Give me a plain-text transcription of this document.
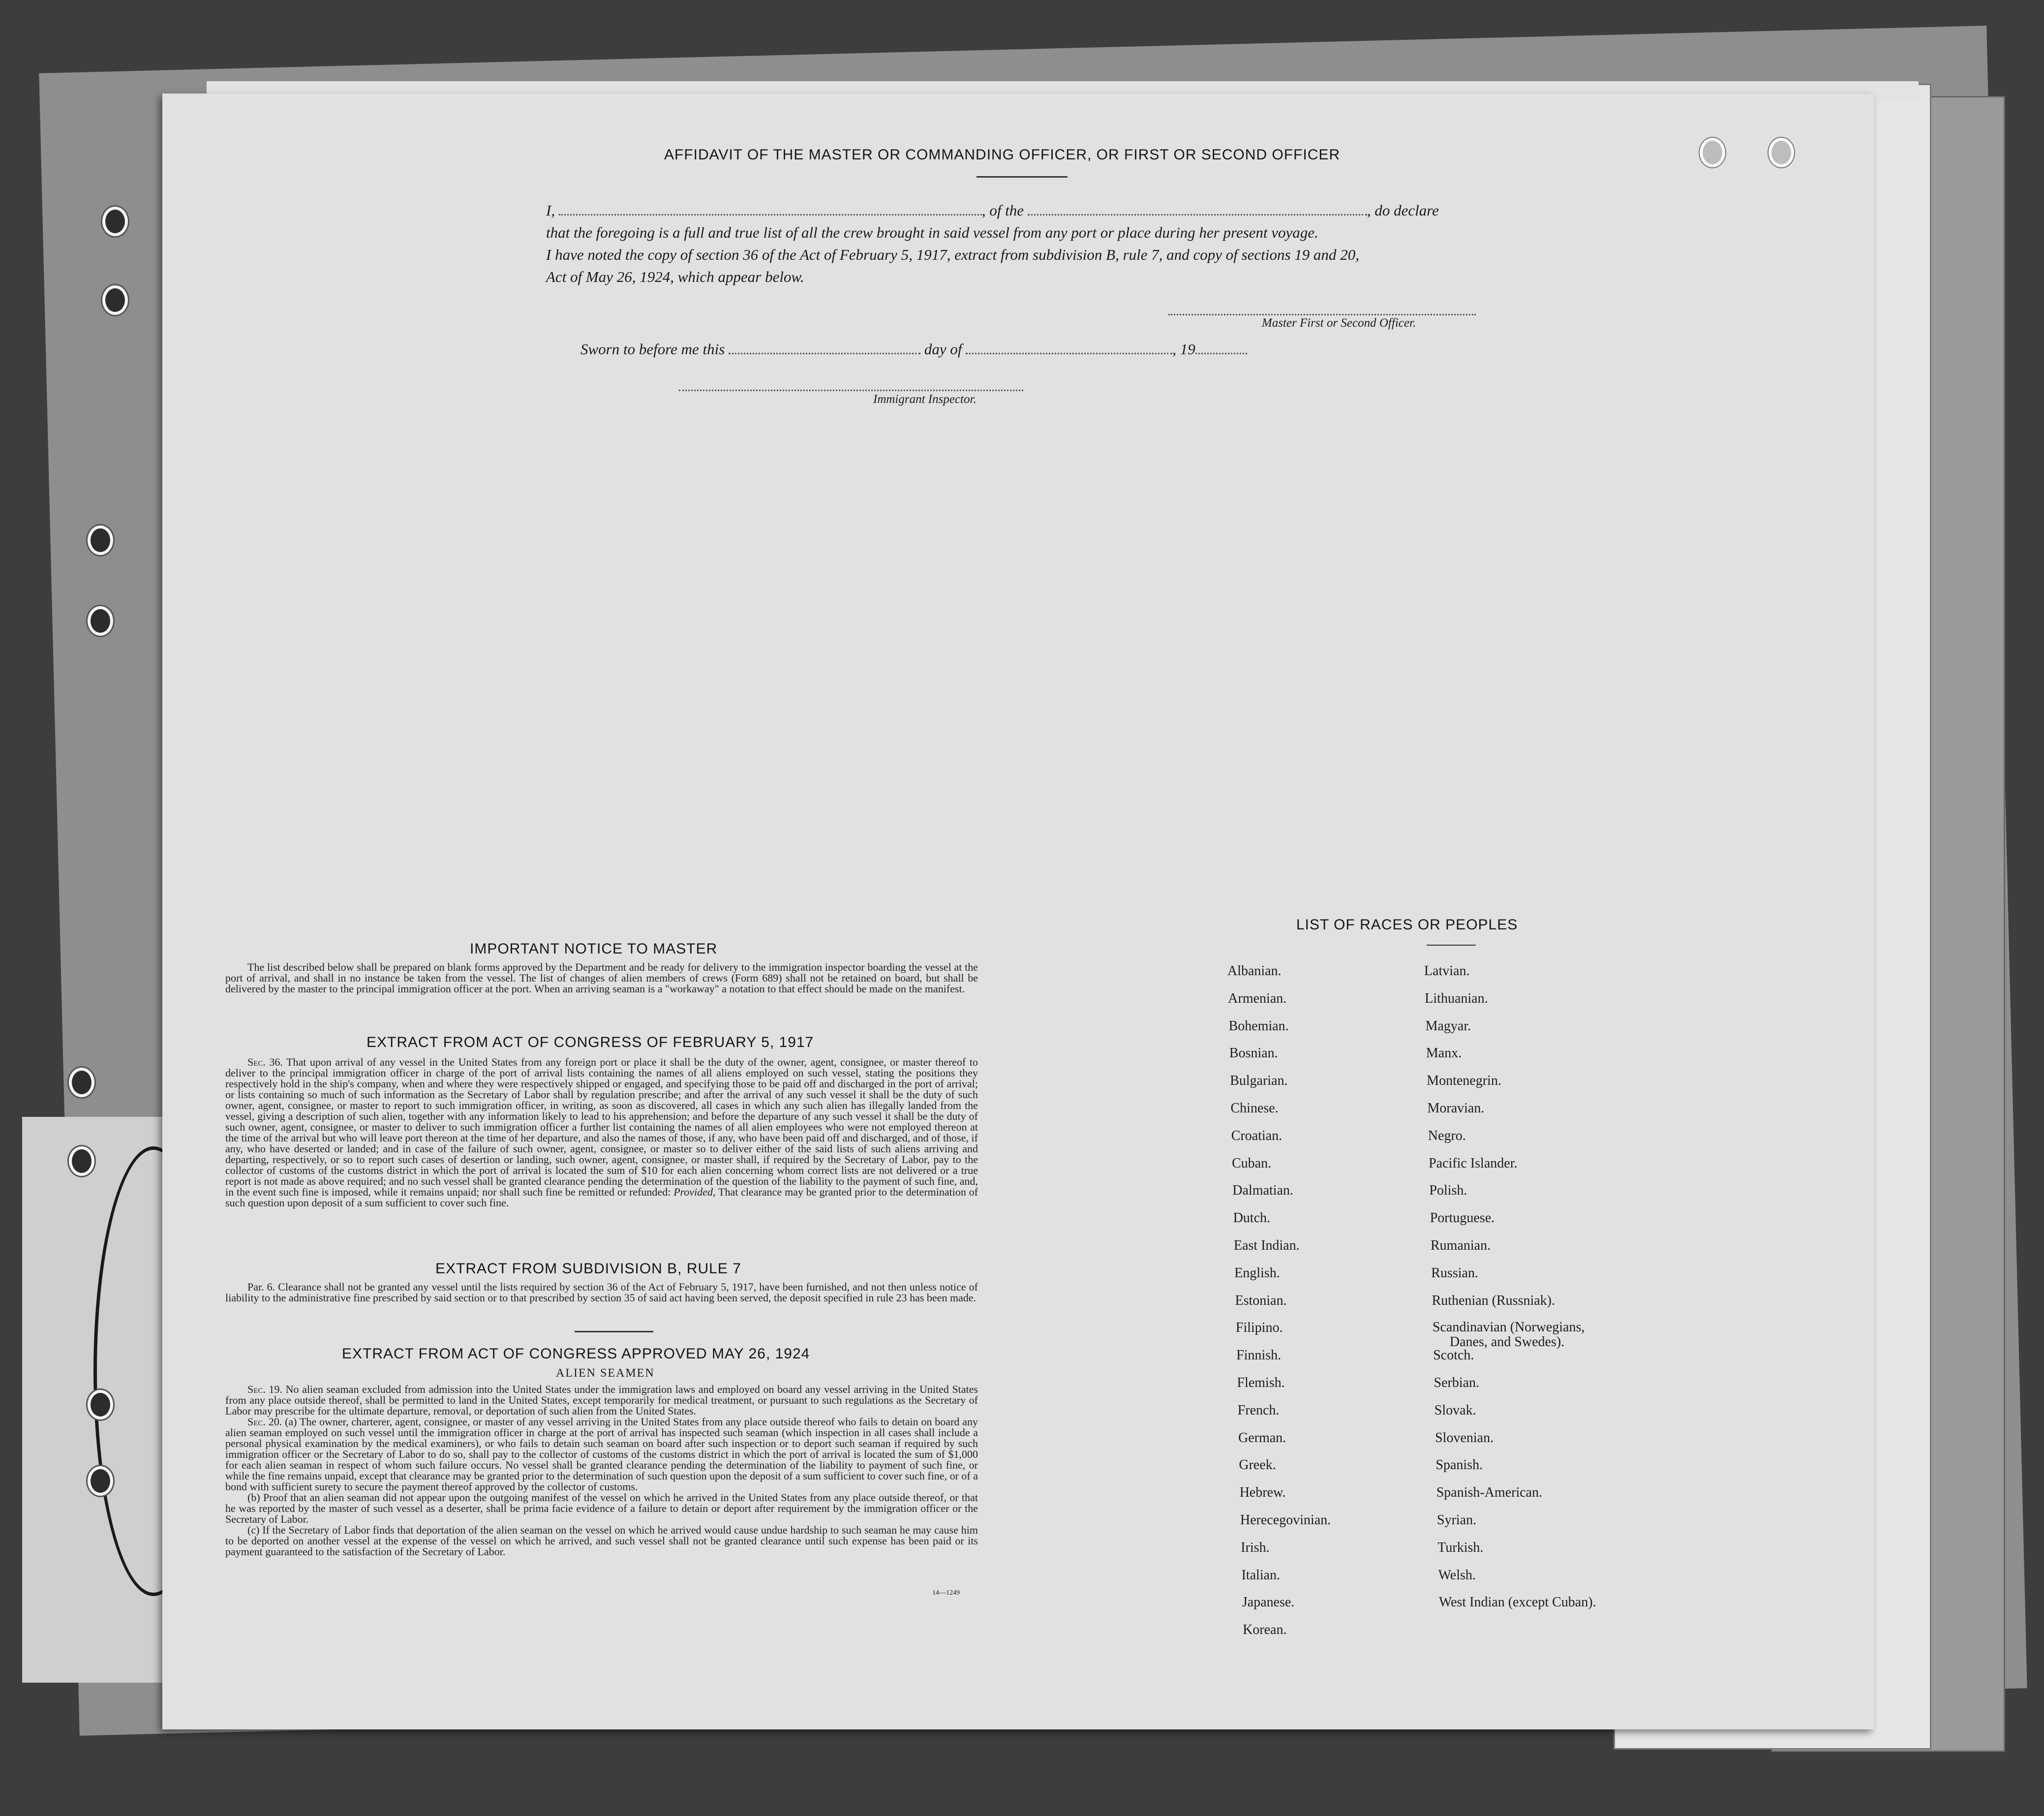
AFFIDAVIT OF THE MASTER OR COMMANDING OFFICER, OR FIRST OR SECOND OFFICER

I,	, of the	, do declare

that the foregoing is a full and true list of all the crew brought in said vessel from any port or place during her present voyage.

I have noted the copy of section 36 of the Act of February 5, 1917, extract from subdivision B, rule 7, and copy of sections 19 and 20,

Act of May 26, 1924, which appear below.

Master First or Second Officer.
Sworn to before me this	day of	, 19
Immigrant Inspector.
IMPORTANT NOTICE TO MASTER

The list described below shall be prepared on blank forms approved by the Department and be ready for delivery to the immigration inspector boarding the vessel at the port of arrival, and shall in no instance be taken from the vessel. The list of changes of alien members of crews (Form 689) shall not be retained on board, but shall be delivered by the master to the principal immigration officer at the port. When an arriving seaman is a "workaway" a notation to that effect should be made on the manifest.

EXTRACT FROM ACT OF CONGRESS OF FEBRUARY 5, 1917

Sec. 36. That upon arrival of any vessel in the United States from any foreign port or place it shall be the duty of the owner, agent, consignee, or master thereof to deliver to the principal immigration officer in charge of the port of arrival lists containing the names of all aliens employed on such vessel, stating the positions they respectively hold in the ship's company, when and where they were respectively shipped or engaged, and specifying those to be paid off and discharged in the port of arrival; or lists containing so much of such information as the Secretary of Labor shall by regulation prescribe; and after the arrival of any such vessel it shall be the duty of such owner, agent, consignee, or master to report to such immigration officer, in writing, as soon as discovered, all cases in which any such alien has illegally landed from the vessel, giving a description of such alien, together with any information likely to lead to his apprehension; and before the departure of any such vessel it shall be the duty of such owner, agent, consignee, or master to deliver to such immigration officer a further list containing the names of all alien employees who were not employed thereon at the time of the arrival but who will leave port thereon at the time of her departure, and also the names of those, if any, who have been paid off and discharged, and of those, if any, who have deserted or landed; and in case of the failure of such owner, agent, consignee, or master so to deliver either of the said lists of such aliens arriving and departing, respectively, or so to report such cases of desertion or landing, such owner, agent, consignee, or master shall, if required by the Secretary of Labor, pay to the collector of customs of the customs district in which the port of arrival is located the sum of $10 for each alien concerning whom correct lists are not delivered or a true report is not made as above required; and no such vessel shall be granted clearance pending the determination of the question of the liability to the payment of such fine, and, in the event such fine is imposed, while it remains unpaid; nor shall such fine be remitted or refunded: Provided, That clearance may be granted prior to the determination of such question upon deposit of a sum sufficient to cover such fine.

EXTRACT FROM SUBDIVISION B, RULE 7

Par. 6. Clearance shall not be granted any vessel until the lists required by section 36 of the Act of February 5, 1917, have been furnished, and not then unless notice of liability to the administrative fine prescribed by said section or to that prescribed by section 35 of said act having been served, the deposit specified in rule 23 has been made.

EXTRACT FROM ACT OF CONGRESS APPROVED MAY 26, 1924
ALIEN SEAMEN

Sec. 19. No alien seaman excluded from admission into the United States under the immigration laws and employed on board any vessel arriving in the United States from any place outside thereof, shall be permitted to land in the United States, except temporarily for medical treatment, or pursuant to such regulations as the Secretary of Labor may prescribe for the ultimate departure, removal, or deportation of such alien from the United States.

Sec. 20. (a) The owner, charterer, agent, consignee, or master of any vessel arriving in the United States from any place outside thereof who fails to detain on board any alien seaman employed on such vessel until the immigration officer in charge at the port of arrival has inspected such seaman (which inspection in all cases shall include a personal physical examination by the medical examiners), or who fails to detain such seaman on board after such inspection or to deport such seaman if required by such immigration officer or the Secretary of Labor to do so, shall pay to the collector of customs of the customs district in which the port of arrival is located the sum of $1,000 for each alien seaman in respect of whom such failure occurs. No vessel shall be granted clearance pending the determination of the liability to payment of such fine, or while the fine remains unpaid, except that clearance may be granted prior to the determination of such question upon the deposit of a sum sufficient to cover such fine, or of a bond with sufficient surety to secure the payment thereof approved by the collector of customs.

(b) Proof that an alien seaman did not appear upon the outgoing manifest of the vessel on which he arrived in the United States from any place outside thereof, or that he was reported by the master of such vessel as a deserter, shall be prima facie evidence of a failure to detain or deport after requirement by the immigration officer or the Secretary of Labor.

(c) If the Secretary of Labor finds that deportation of the alien seaman on the vessel on which he arrived would cause undue hardship to such seaman he may cause him to be deported on another vessel at the expense of the vessel on which he arrived, and such vessel shall not be granted clearance until such expense has been paid or its payment guaranteed to the satisfaction of the Secretary of Labor.

14—1249
LIST OF RACES OR PEOPLES
Albanian.
Armenian.
Bohemian.
Bosnian.
Bulgarian.
Chinese.
Croatian.
Cuban.
Dalmatian.
Dutch.
East Indian.
English.
Estonian.
Filipino.
Finnish.
Flemish.
French.
German.
Greek.
Hebrew.
Herecegovinian.
Irish.
Italian.
Japanese.
Korean.
Latvian.
Lithuanian.
Magyar.
Manx.
Montenegrin.
Moravian.
Negro.
Pacific Islander.
Polish.
Portuguese.
Rumanian.
Russian.
Ruthenian (Russniak).
Scandinavian (Norwegians,
Danes, and Swedes).
Scotch.
Serbian.
Slovak.
Slovenian.
Spanish.
Spanish-American.
Syrian.
Turkish.
Welsh.
West Indian (except Cuban).
